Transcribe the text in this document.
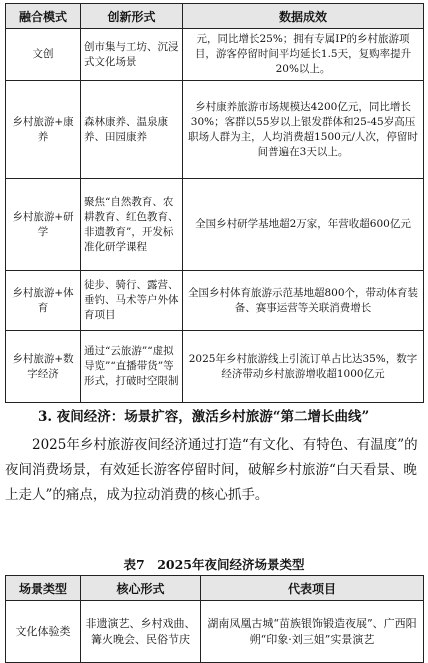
融合模式	创新形式	数据成效
文创	创市集与工坊、沉浸式文化场景	元，同比增长25%；拥有专属IP的乡村旅游项目，游客停留时间平均延长1.5天，复购率提升20%以上。
乡村旅游+康养	森林康养、温泉康养、田园康养	乡村康养旅游市场规模达4200亿元，同比增长30%；客群以55岁以上银发群体和25-45岁高压职场人群为主，人均消费超1500元/人次，停留时间普遍在3天以上。
乡村旅游+研学	聚焦“自然教育、农耕教育、红色教育、非遗教育”，开发标准化研学课程	全国乡村研学基地超2万家，年营收超600亿元
乡村旅游+体育	徒步、骑行、露营、垂钓、马术等户外体育项目	全国乡村体育旅游示范基地超800个，带动体育装备、赛事运营等关联消费增长
乡村旅游+数字经济	通过“云旅游”“虚拟导览”“直播带货”等形式，打破时空限制	2025年乡村旅游线上引流订单占比达35%，数字经济带动乡村旅游增收超1000亿元
3. 夜间经济：场景扩容，激活乡村旅游“第二增长曲线”
2025年乡村旅游夜间经济通过打造“有文化、有特色、有温度”的夜间消费场景，有效延长游客停留时间，破解乡村旅游“白天看景、晚上走人”的痛点，成为拉动消费的核心抓手。
表7　2025年夜间经济场景类型
场景类型	核心形式	代表项目
文化体验类	非遗演艺、乡村戏曲、篝火晚会、民俗节庆	湖南凤凰古城“苗族银饰锻造夜展”、广西阳朔“印象·刘三姐”实景演艺
